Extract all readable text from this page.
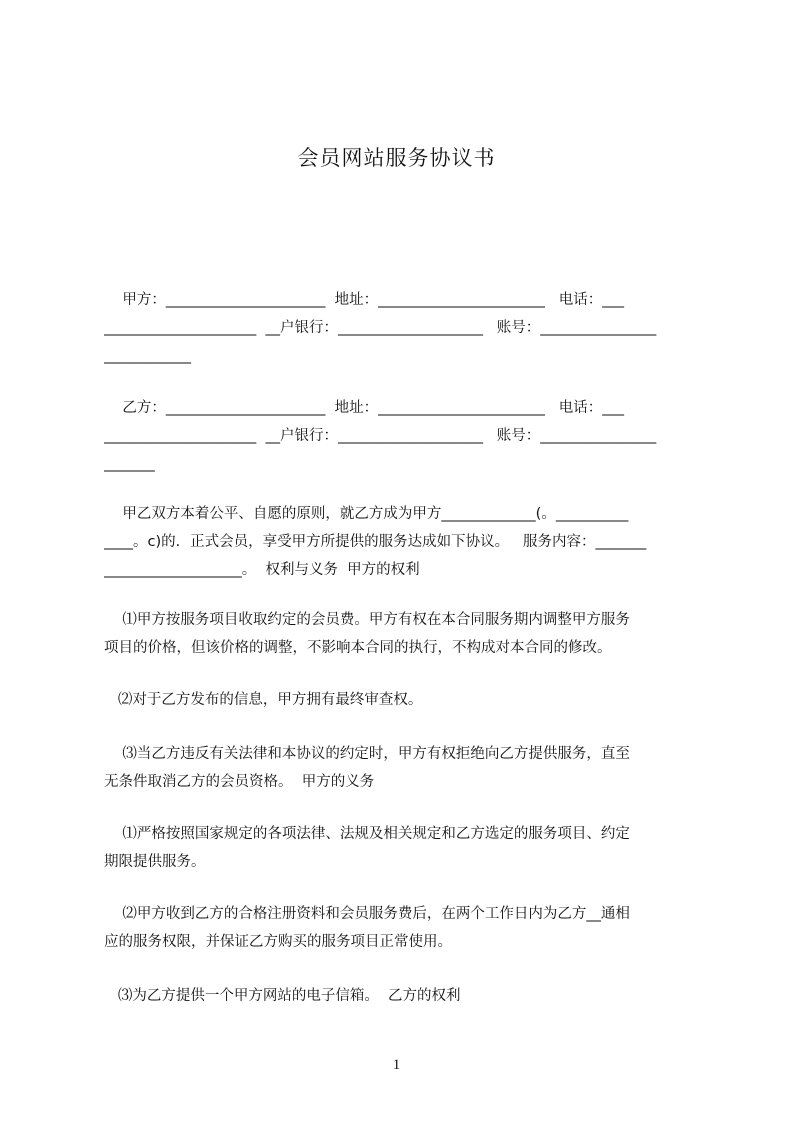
会员网站服务协议书
甲方：______________________  地址：_______________________   电话：___
_____________________  __户银行：____________________   账号：________________
____________
乙方：______________________  地址：_______________________   电话：___
_____________________  __户银行：____________________   账号：________________
_______
甲乙双方本着公平、自愿的原则，就乙方成为甲方_____________(。__________
____。c)的．正式会员，享受甲方所提供的服务达成如下协议。   服务内容：_______
___________________。  权利与义务  甲方的权利
⑴甲方按服务项目收取约定的会员费。甲方有权在本合同服务期内调整甲方服务
项目的价格，但该价格的调整，不影响本合同的执行，不构成对本合同的修改。
⑵对于乙方发布的信息，甲方拥有最终审查权。
⑶当乙方违反有关法律和本协议的约定时，甲方有权拒绝向乙方提供服务，直至
无条件取消乙方的会员资格。  甲方的义务
⑴严格按照国家规定的各项法律、法规及相关规定和乙方选定的服务项目、约定
期限提供服务。
⑵甲方收到乙方的合格注册资料和会员服务费后，在两个工作日内为乙方__通相
应的服务权限，并保证乙方购买的服务项目正常使用。
⑶为乙方提供一个甲方网站的电子信箱。  乙方的权利
1
